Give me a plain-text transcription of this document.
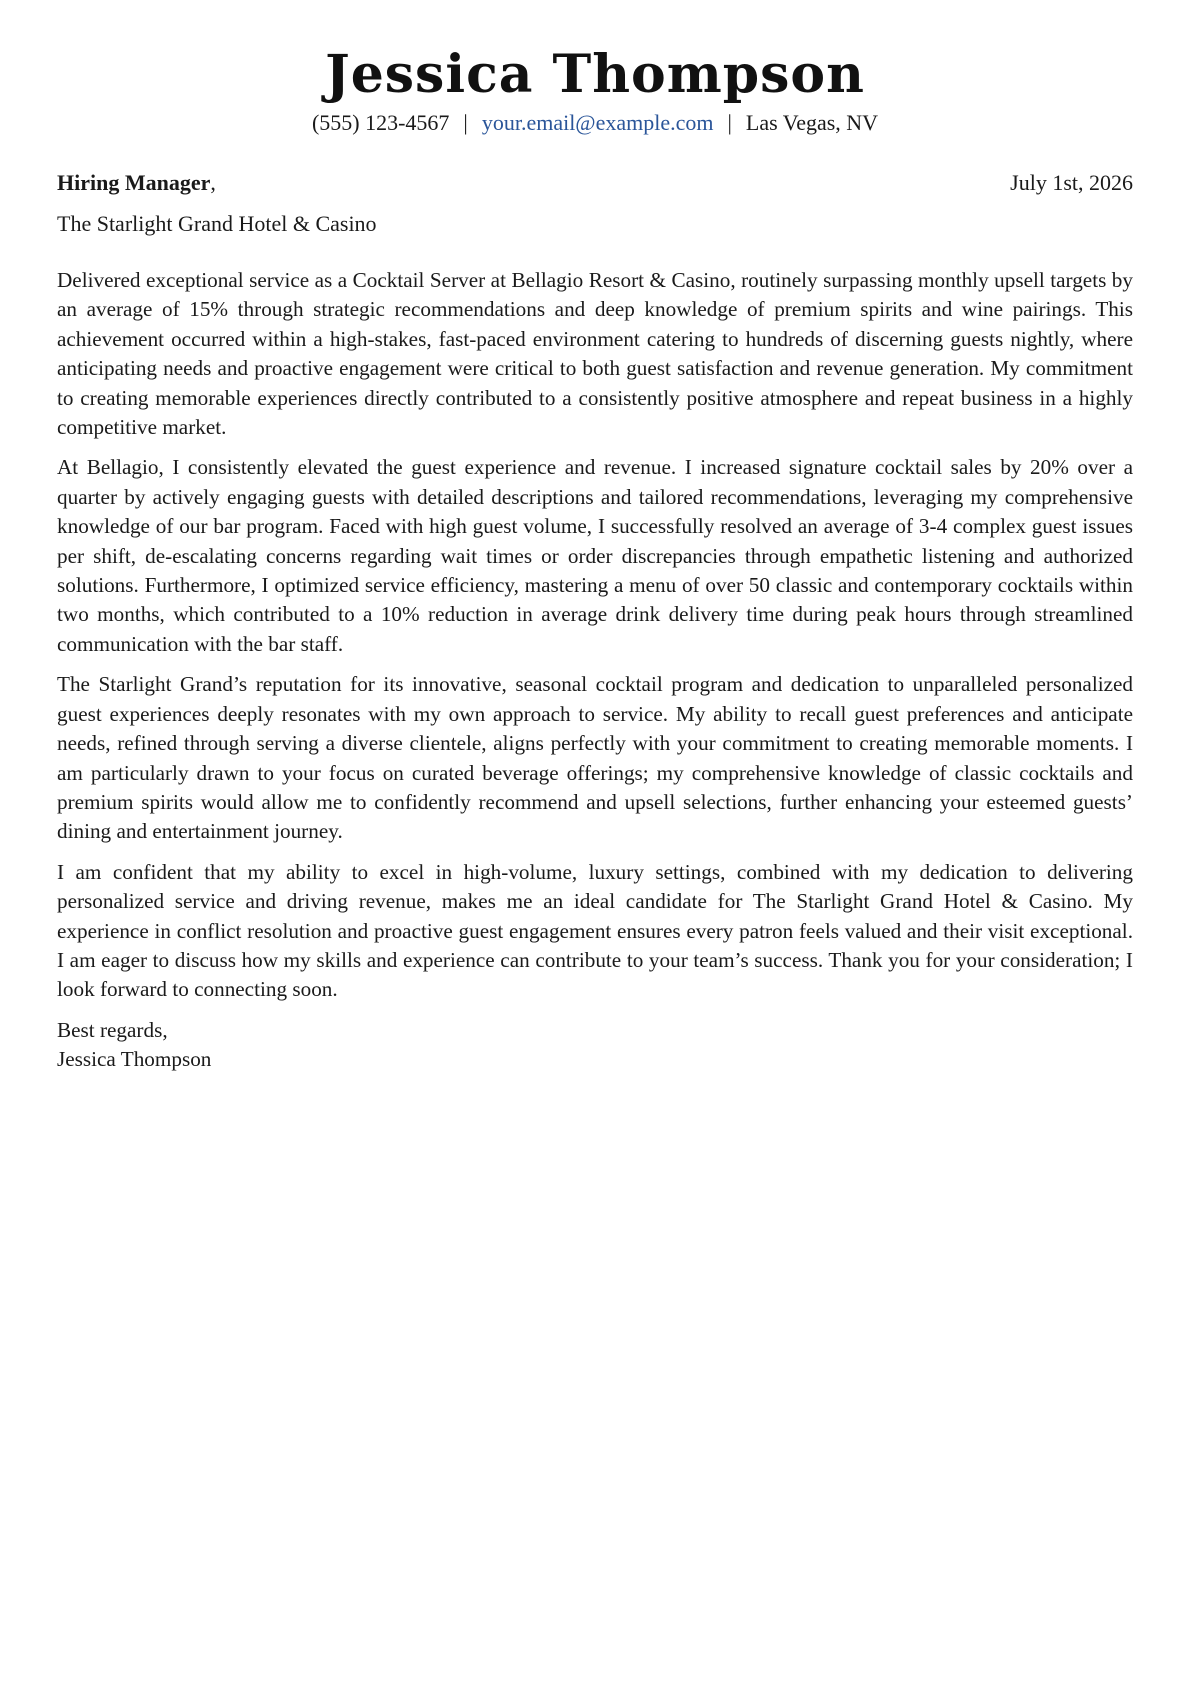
Jessica Thompson
(555) 123-4567 | your.email@example.com | Las Vegas, NV
Hiring Manager,	July 1st, 2026
The Starlight Grand Hotel & Casino

Delivered exceptional service as a Cocktail Server at Bellagio Resort & Casino, routinely surpassing monthly upsell targets by an average of 15% through strategic recommendations and deep knowledge of premium spirits and wine pairings. This achievement occurred within a high-stakes, fast-paced environment catering to hundreds of discerning guests nightly, where anticipating needs and proactive engagement were critical to both guest satisfaction and revenue generation. My commitment to creating memorable experiences directly contributed to a consistently positive atmosphere and repeat business in a highly competitive market.

At Bellagio, I consistently elevated the guest experience and revenue. I increased signature cocktail sales by 20% over a quarter by actively engaging guests with detailed descriptions and tailored recommendations, leveraging my comprehensive knowledge of our bar program. Faced with high guest volume, I successfully resolved an average of 3-4 complex guest issues per shift, de-escalating concerns regarding wait times or order discrepancies through empathetic listening and authorized solutions. Furthermore, I optimized service efficiency, mastering a menu of over 50 classic and contemporary cocktails within two months, which contributed to a 10% reduction in average drink delivery time during peak hours through streamlined communication with the bar staff.

The Starlight Grand’s reputation for its innovative, seasonal cocktail program and dedication to unparalleled personalized guest experiences deeply resonates with my own approach to service. My ability to recall guest preferences and anticipate needs, refined through serving a diverse clientele, aligns perfectly with your commitment to creating memorable moments. I am particularly drawn to your focus on curated beverage offerings; my comprehensive knowledge of classic cocktails and premium spirits would allow me to confidently recommend and upsell selections, further enhancing your esteemed guests’ dining and entertainment journey.

I am confident that my ability to excel in high-volume, luxury settings, combined with my dedication to delivering personalized service and driving revenue, makes me an ideal candidate for The Starlight Grand Hotel & Casino. My experience in conflict resolution and proactive guest engagement ensures every patron feels valued and their visit exceptional. I am eager to discuss how my skills and experience can contribute to your team’s success. Thank you for your consideration; I look forward to connecting soon.

Best regards,
Jessica Thompson
